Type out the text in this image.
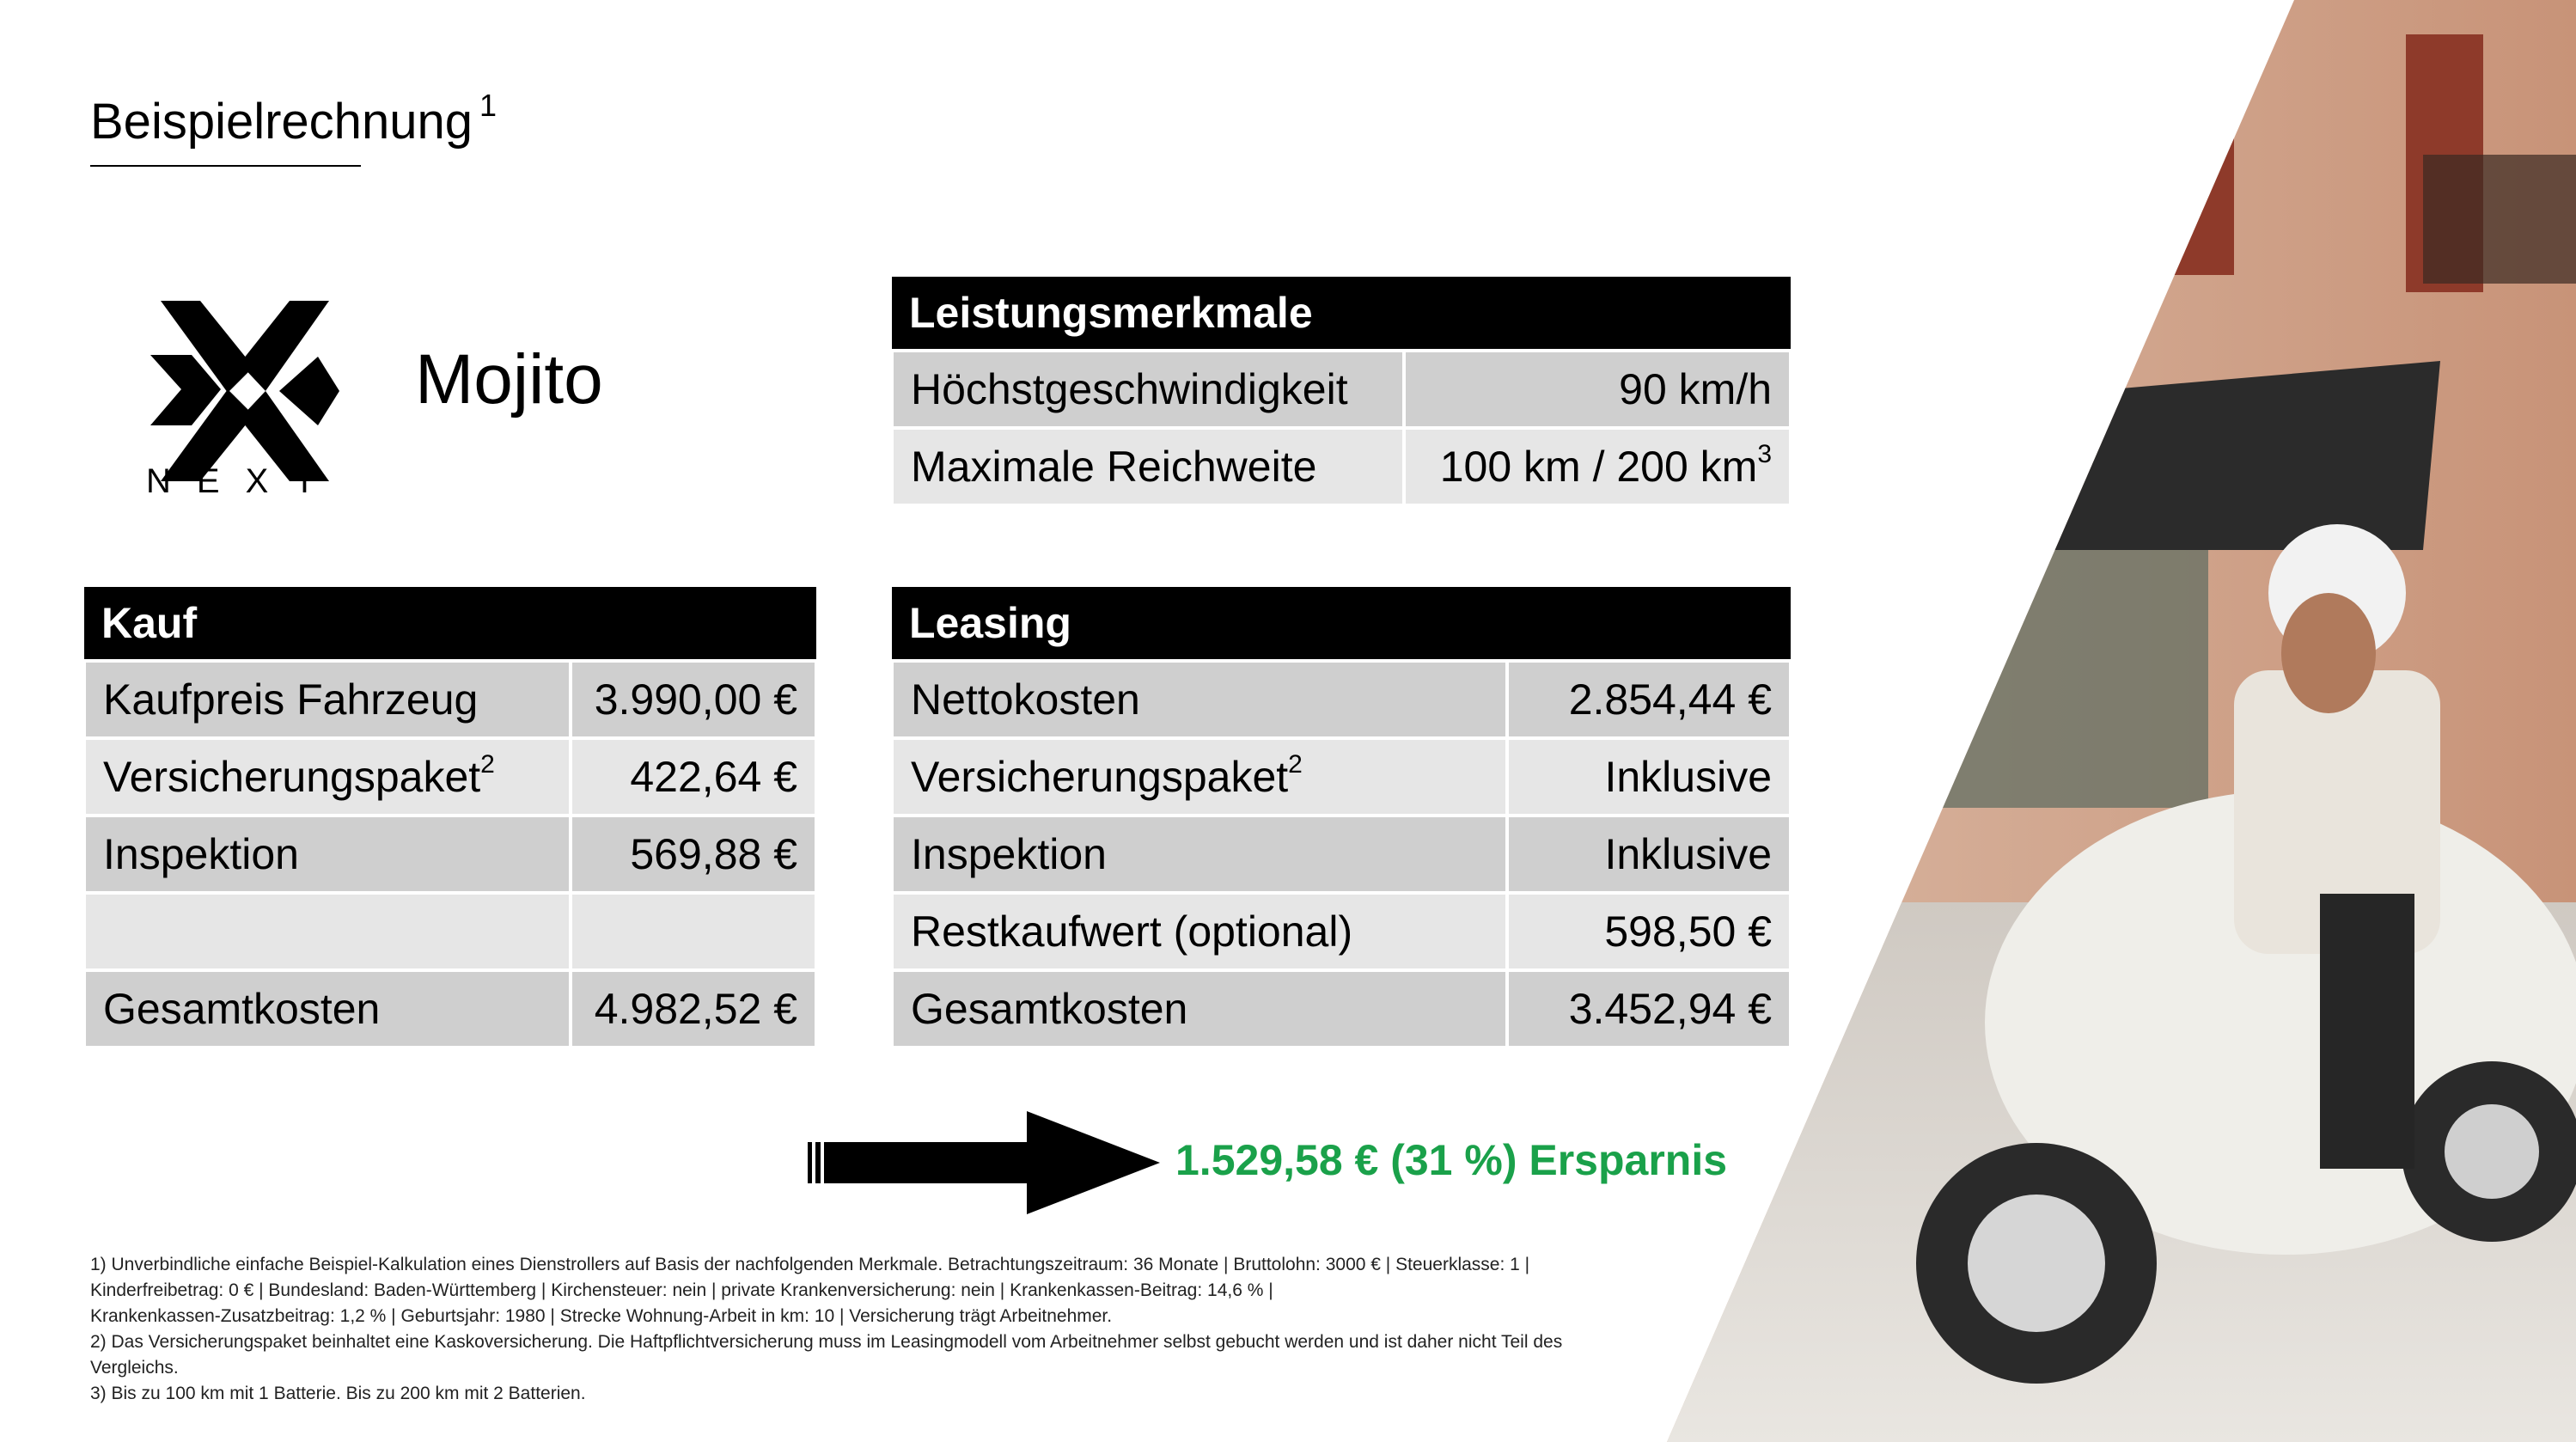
Beispielrechnung $^1$
NEXT
Mojito
Leistungsmerkmale	
Höchstgeschwindigkeit	90 km/h
Maximale Reichweite	100 km / 200 $km^3$
Kauf	
Kaufpreis Fahrzeug	3.990,00 €
Versicherungspaket$^2$	422,64 €
Inspektion	569,88 €

Gesamtkosten	4.982,52 €
Leasing	
Nettokosten	2.854,44 €
Versicherungspaket$^2$	Inklusive
Inspektion	Inklusive
Restkaufwert (optional)	598,50 €
Gesamtkosten	3.452,94 €
1.529,58 € (31 %) Ersparnis

1) Unverbindliche einfache Beispiel-Kalkulation eines Dienstrollers auf Basis der nachfolgenden Merkmale. Betrachtungszeitraum: 36 Monate | Bruttolohn: 3000 € | Steuerklasse: 1 |

Kinderfreibetrag: 0 € | Bundesland: Baden-Württemberg | Kirchensteuer: nein | private Krankenversicherung: nein | Krankenkassen-Beitrag: 14,6 % |

Krankenkassen-Zusatzbeitrag: 1,2 % | Geburtsjahr: 1980 | Strecke Wohnung-Arbeit in km: 10 | Versicherung trägt Arbeitnehmer.

2) Das Versicherungspaket beinhaltet eine Kaskoversicherung. Die Haftpflichtversicherung muss im Leasingmodell vom Arbeitnehmer selbst gebucht werden und ist daher nicht Teil des

Vergleichs.

3) Bis zu 100 km mit 1 Batterie. Bis zu 200 km mit 2 Batterien.
